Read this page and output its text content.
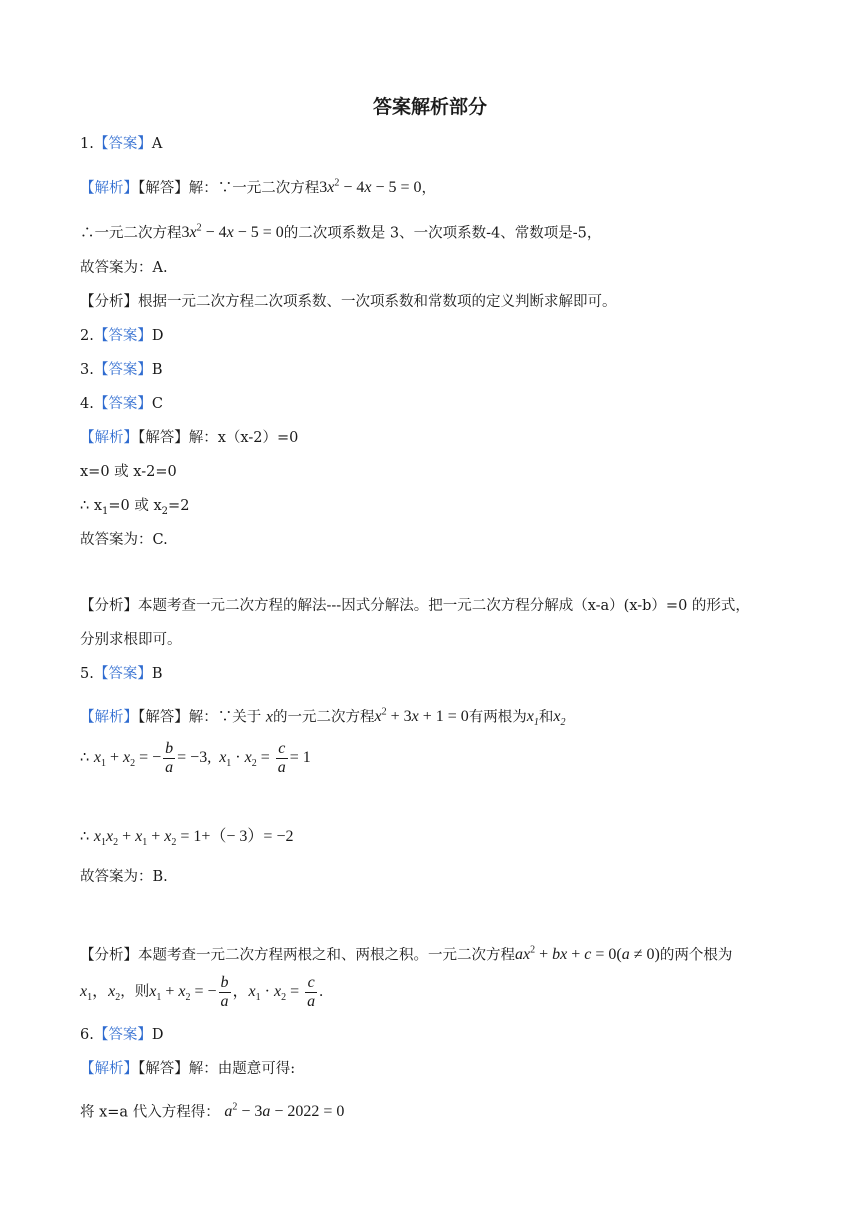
答案解析部分
1.【答案】A
【解析】【解答】解：∵一元二次方程$3x^2 - 4x - 5 = 0$，
∴一元二次方程$3x^2 - 4x - 5 = 0$的二次项系数是 3、一次项系数-4、常数项是-5，
故答案为：A.
【分析】根据一元二次方程二次项系数、一次项系数和常数项的定义判断求解即可。
2.【答案】D
3.【答案】B
4.【答案】C
【解析】【解答】解：x（x-2）=0
x=0 或 x-2=0
∴ $x_1=0$ 或 $x_2=2$
故答案为：C.
【分析】本题考查一元二次方程的解法---因式分解法。把一元二次方程分解成（x-a）(x-b）=0 的形式，
分别求根即可。
5.【答案】B
【解析】【解答】解：∵关于 x的一元二次方程$x^2 + 3x + 1 = 0$有两根为$x_1$和$x_2$
∴ $x_1 + x_2$ = − $\frac{b}{a} = -3$,  $x_1 \cdot x_2 = \frac{c}{a} = 1$
∴ $x_1x_2 + x_1 + x_2 = 1+(- 3)= -2$
故答案为：B.
【分析】本题考查一元二次方程两根之和、两根之积。一元二次方程$ax^2$ + bx + c = 0(a ≠ 0)的两个根为
$x_1$，$x_2$，则$x_1 + x_2$ = − $\frac{b}{a}$ ，$x_1 \cdot x_2 = \frac{c}{a}$ .
6.【答案】D
【解析】【解答】解：由题意可得:
将 x=a 代入方程得： $a^2 - 3a - 2022 = 0$
